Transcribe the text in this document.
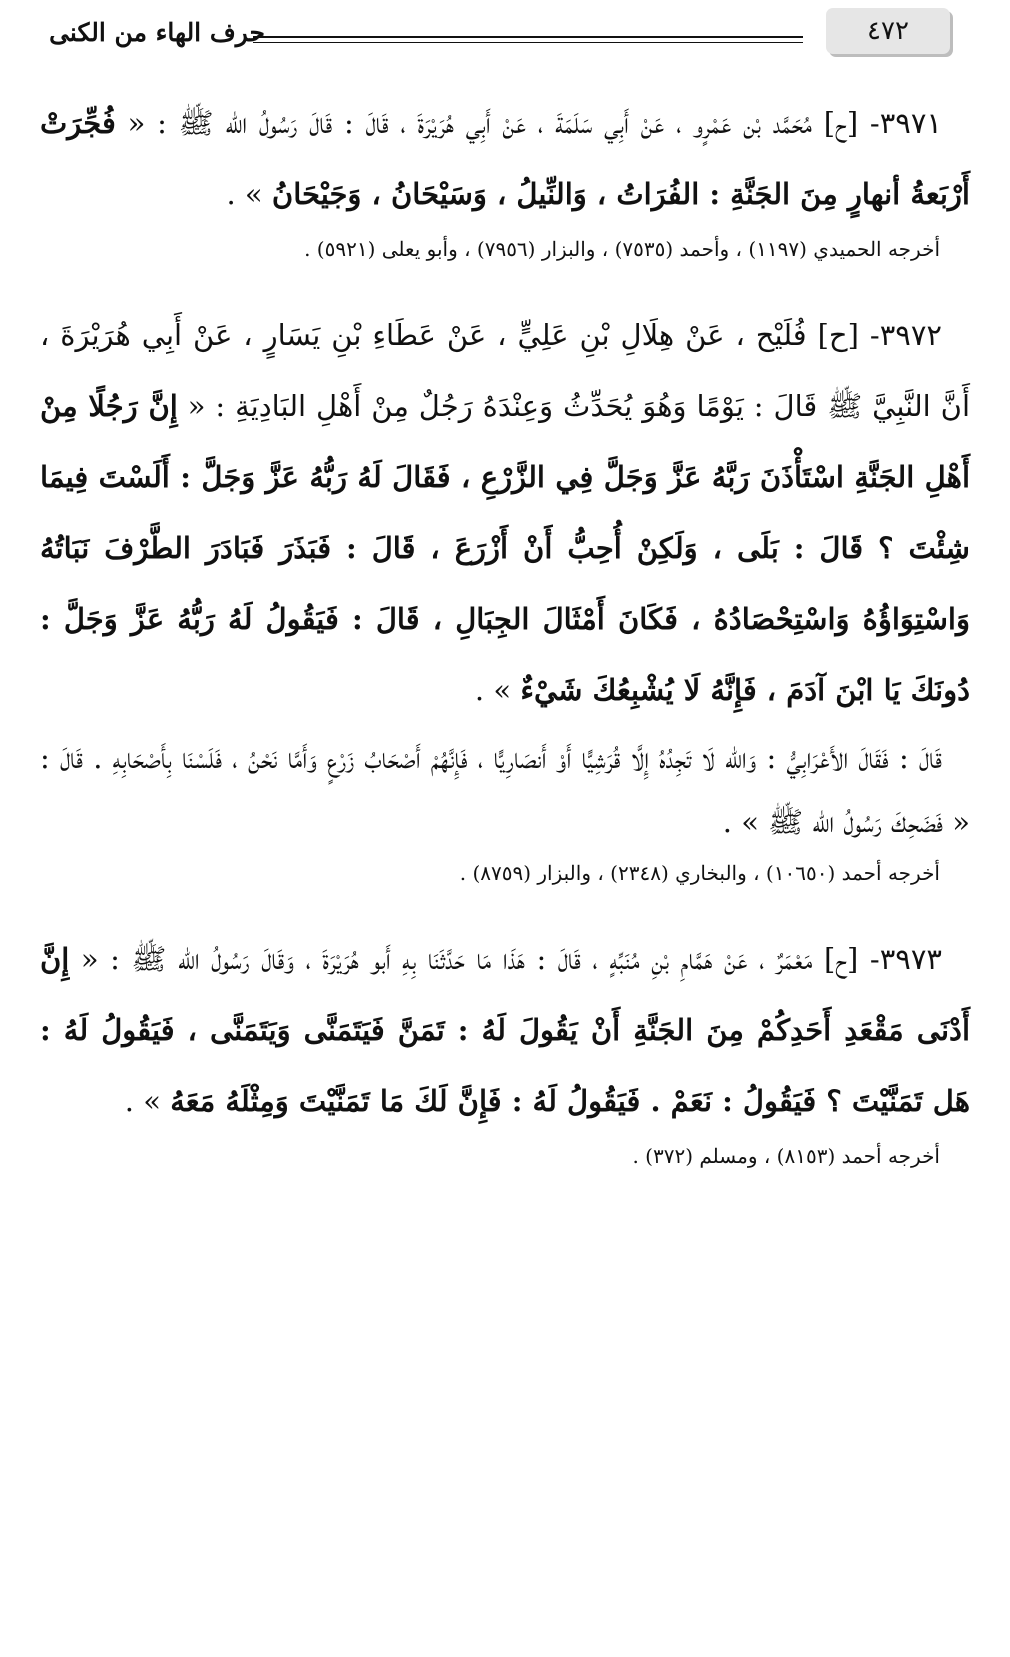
٤٧٢
حرف الهاء من الكنى

٣٩٧١- [ح] مُحَمَّد بْن عَمْرٍو ، عَنْ أَبِي سَلَمَةَ ، عَنْ أَبِي هُرَيْرَةَ ، قَالَ : قَالَ رَسُولُ الله ﷺ : « فُجِّرَتْ أَرْبَعةُ أنهارٍ مِنَ الجَنَّةِ : الفُرَاتُ ، وَالنِّيلُ ، وَسَيْحَانُ ، وَجَيْحَانُ » .

أخرجه الحميدي (١١٩٧) ، وأحمد (٧٥٣٥) ، والبزار (٧٩٥٦) ، وأبو يعلى (٥٩٢١) .

٣٩٧٢- [ح] فُلَيْح ، عَنْ هِلَالِ بْنِ عَلِيٍّ ، عَنْ عَطَاءِ بْنِ يَسَارٍ ، عَنْ أَبِي هُرَيْرَةَ ، أَنَّ النَّبِيَّ ﷺ قَالَ : يَوْمًا وَهُوَ يُحَدِّثُ وَعِنْدَهُ رَجُلٌ مِنْ أَهْلِ البَادِيَةِ : « إِنَّ رَجُلًا مِنْ أَهْلِ الجَنَّةِ اسْتَأْذَنَ رَبَّهُ عَزَّ وَجَلَّ فِي الزَّرْعِ ، فَقَالَ لَهُ رَبُّهُ عَزَّ وَجَلَّ : أَلَسْتَ فِيمَا شِئْتَ ؟ قَالَ : بَلَى ، وَلَكِنْ أُحِبُّ أَنْ أَزْرَعَ ، قَالَ : فَبَذَرَ فَبَادَرَ الطَّرْفَ نَبَاتُهُ وَاسْتِوَاؤُهُ وَاسْتِحْصَادُهُ ، فَكَانَ أَمْثَالَ الجِبَالِ ، قَالَ : فَيَقُولُ لَهُ رَبُّهُ عَزَّ وَجَلَّ : دُونَكَ يَا ابْنَ آدَمَ ، فَإِنَّهُ لَا يُشْبِعُكَ شَيْءٌ » .

قَالَ : فَقَالَ الأَعْرَابِيُّ : وَالله لَا تَجِدُهُ إِلَّا قُرَشِيًّا أَوْ أَنصَارِيًّا ، فَإِنَّهُمْ أَصْحَابُ زَرْعٍ وَأَمَّا نَحْنُ ، فَلَسْنَا بِأَصْحَابِهِ . قَالَ : « فَضَحِكَ رَسُولُ الله ﷺ » .

أخرجه أحمد (١٠٦٥٠) ، والبخاري (٢٣٤٨) ، والبزار (٨٧٥٩) .

٣٩٧٣- [ح] مَعْمَرٌ ، عَنْ هَمَّامِ بْنِ مُنَبِّهٍ ، قَالَ : هَذَا مَا حَدَّثَنَا بِهِ أَبو هُرَيْرَةَ ، وَقَالَ رَسُولُ الله ﷺ : « إِنَّ أَدْنَى مَقْعَدِ أَحَدِكُمْ مِنَ الجَنَّةِ أَنْ يَقُولَ لَهُ : تَمَنَّ فَيَتَمَنَّى وَيَتَمَنَّى ، فَيَقُولُ لَهُ : هَل تَمَنَّيْتَ ؟ فَيَقُولُ : نَعَمْ . فَيَقُولُ لَهُ : فَإِنَّ لَكَ مَا تَمَنَّيْتَ وَمِثْلَهُ مَعَهُ » .

أخرجه أحمد (٨١٥٣) ، ومسلم (٣٧٢) .
